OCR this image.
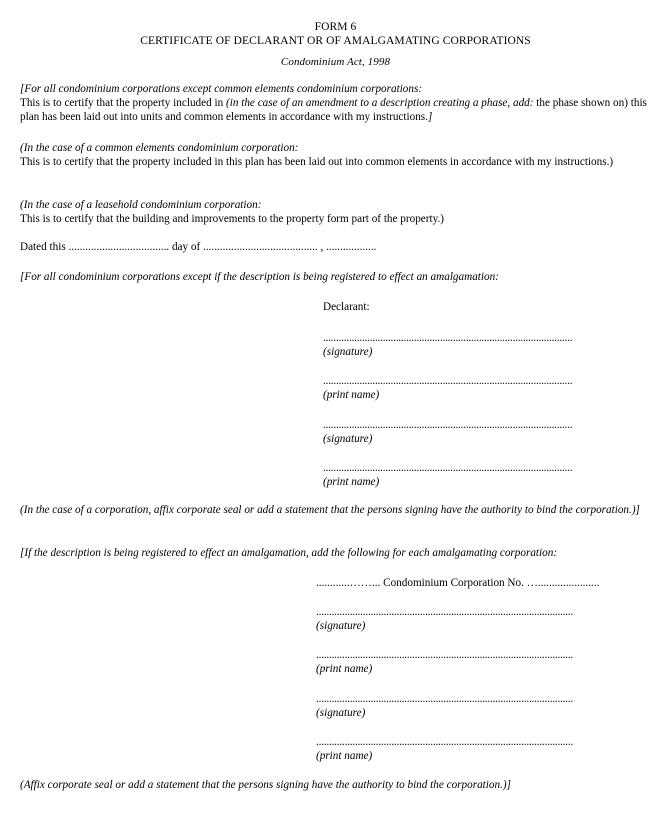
FORM 6
CERTIFICATE OF DECLARANT OR OF AMALGAMATING CORPORATIONS
Condominium Act, 1998
[For all condominium corporations except common elements condominium corporations:
This is to certify that the property included in (in the case of an amendment to a description creating a phase, add: the phase shown on) this plan has been laid out into units and common elements in accordance with my instructions.]
(In the case of a common elements condominium corporation:
This is to certify that the property included in this plan has been laid out into common elements in accordance with my instructions.)
(In the case of a leasehold condominium corporation:
This is to certify that the building and improvements to the property form part of the property.)
Dated this .................................... day of ......................................... , ..................
[For all condominium corporations except if the description is being registered to effect an amalgamation:
Declarant:
................................................................................................
(signature)
................................................................................................
(print name)
................................................................................................
(signature)
................................................................................................
(print name)
(In the case of a corporation, affix corporate seal or add a statement that the persons signing have the authority to bind the corporation.)]
[If the description is being registered to effect an amalgamation, add the following for each amalgamating corporation:
............……... Condominium Corporation No. …......................
...................................................................................................
(signature)
...................................................................................................
(print name)
...................................................................................................
(signature)
...................................................................................................
(print name)
(Affix corporate seal or add a statement that the persons signing have the authority to bind the corporation.)]
